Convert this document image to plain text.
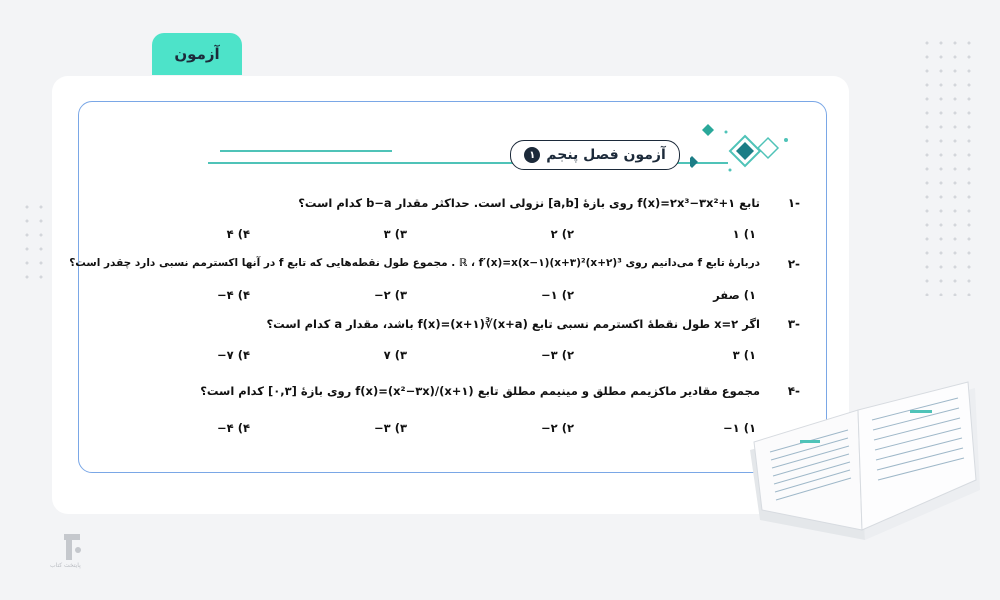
آزمون
آزمون فصل پنجم
۱
-۱
تابع f(x)=۲x³−۳x²+۱ روی بازهٔ [a,b] نزولی است. حداکثر مقدار b−a کدام است؟
۱) ۱
۲) ۲
۳) ۳
۴) ۴
-۲
دربارهٔ تابع f می‌دانیم روی ℝ ، f′(x)=x(x−۱)(x+۳)²(x+۲)³ . مجموع طول نقطه‌هایی که تابع f در آنها اکسترمم نسبی دارد چقدر است؟
۱) صفر
۲) ۱−
۳) ۲−
۴) ۴−
-۳
اگر x=۲ طول نقطهٔ اکسترمم نسبی تابع f(x)=(x+۱)∛(x+a) باشد، مقدار a کدام است؟
۱) ۳
۲) ۳−
۳) ۷
۴) ۷−
-۴
مجموع مقادیر ماکزیمم مطلق و مینیمم مطلق تابع f(x)=(x²−۳x)/(x+۱) روی بازهٔ [۰,۳] کدام است؟
۱) ۱−
۲) ۲−
۳) ۳−
۴) ۴−
پایتخت کتاب
